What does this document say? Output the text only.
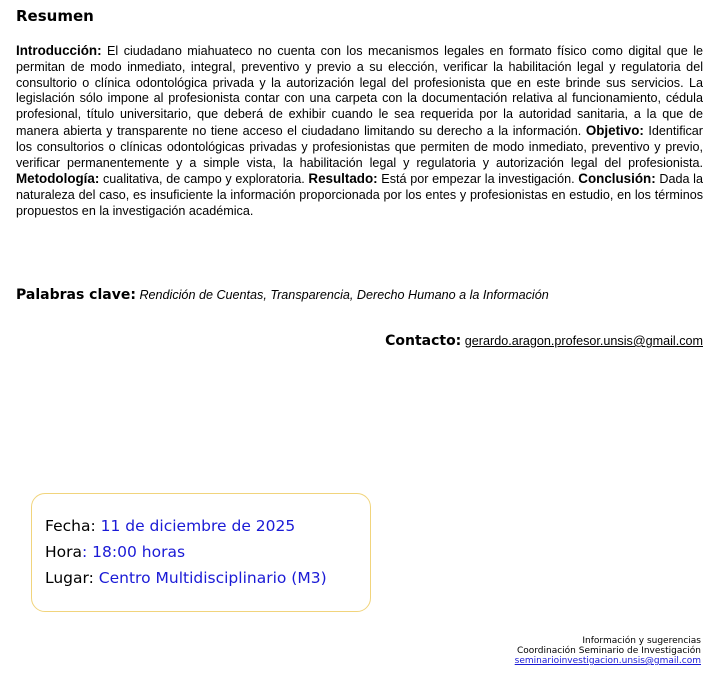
Resumen

Introducción: El ciudadano miahuateco no cuenta con los mecanismos legales en formato físico como digital que le permitan de modo inmediato, integral, preventivo y previo a su elección, verificar la habilitación legal y regulatoria del consultorio o clínica odontológica privada y la autorización legal del profesionista que en este brinde sus servicios. La legislación sólo impone al profesionista contar con una carpeta con la documentación relativa al funcionamiento, cédula profesional, título universitario, que deberá de exhibir cuando le sea requerida por la autoridad sanitaria, a la que de manera abierta y transparente no tiene acceso el ciudadano limitando su derecho a la información. Objetivo: Identificar los consultorios o clínicas odontológicas privadas y profesionistas que permiten de modo inmediato, preventivo y previo, verificar permanentemente y a simple vista, la habilitación legal y regulatoria y autorización legal del profesionista. Metodología: cualitativa, de campo y exploratoria. Resultado: Está por empezar la investigación. Conclusión: Dada la naturaleza del caso, es insuficiente la información proporcionada por los entes y profesionistas en estudio, en los términos propuestos en la investigación académica.

Palabras clave: Rendición de Cuentas, Transparencia, Derecho Humano a la Información

Contacto: gerardo.aragon.profesor.unsis@gmail.com

Fecha: 11 de diciembre de 2025
Hora: 18:00 horas
Lugar: Centro Multidisciplinario (M3)
Información y sugerencias
Coordinación Seminario de Investigación
seminarioinvestigacion.unsis@gmail.com
